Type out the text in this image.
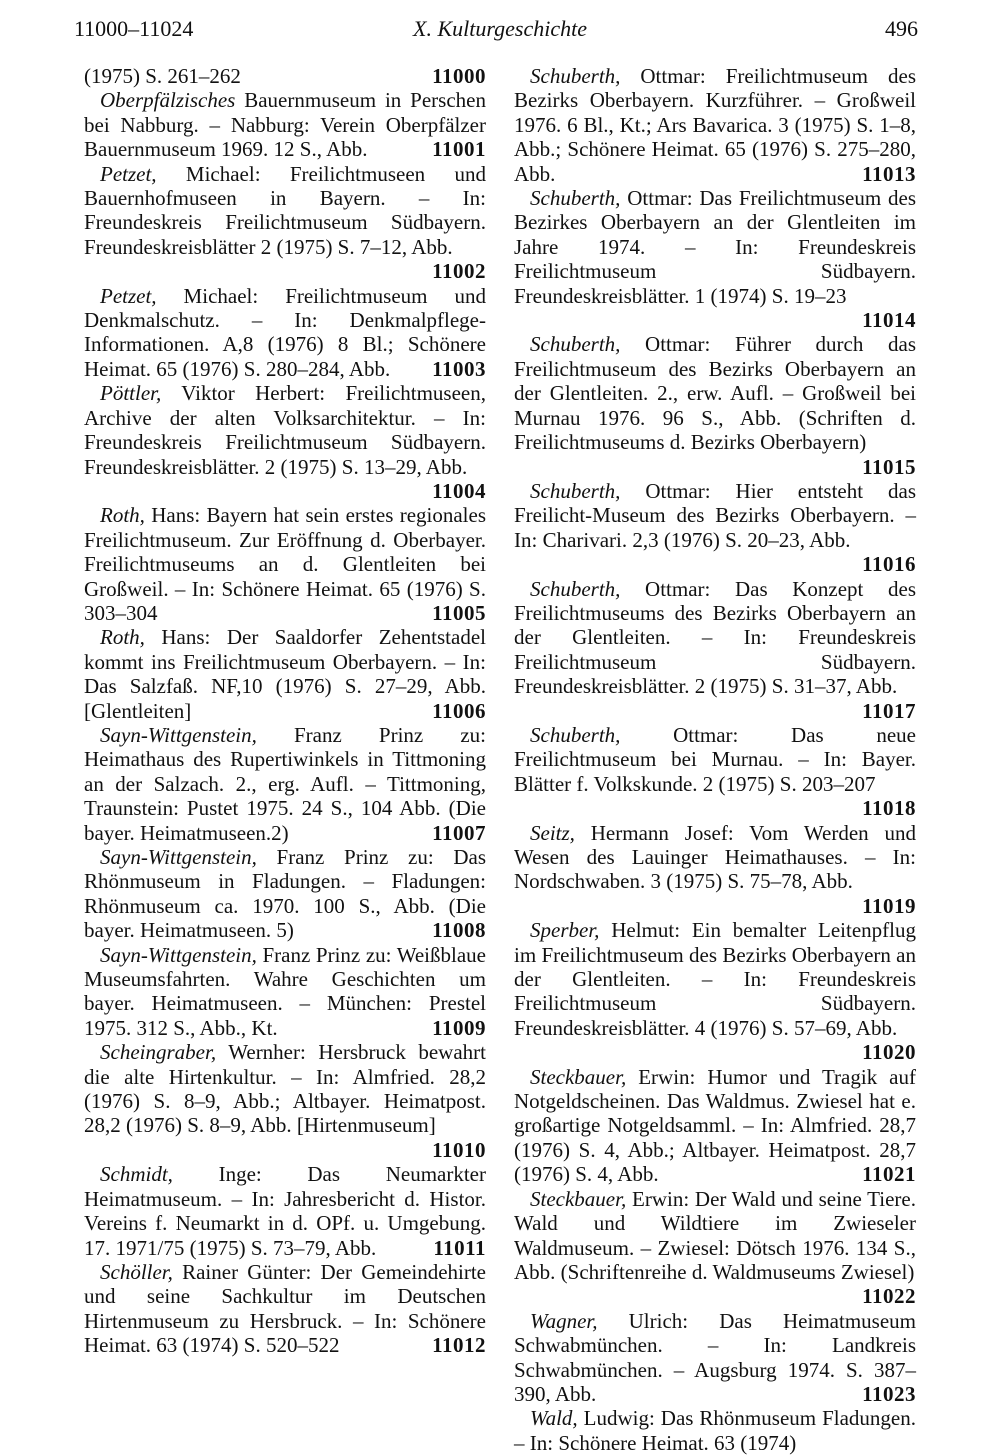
X. Kulturgeschichte
11000–11024	496

(1975) S. 261–262	11000

Oberpfälzisches Bauernmuseum in Perschen bei Nabburg. – Nabburg: Verein Oberpfälzer Bauernmuseum 1969. 12 S., Abb.	11001

Petzet, Michael: Freilichtmuseen und Bauernhofmuseen in Bayern. – In: Freundeskreis Freilichtmuseum Südbayern. Freundeskreisblätter 2 (1975) S. 7–12, Abb.
11002

Petzet, Michael: Freilichtmuseum und Denkmalschutz. – In: Denkmalpflege-Informationen. A,8 (1976) 8 Bl.; Schönere Heimat. 65 (1976) S. 280–284, Abb.	11003

Pöttler, Viktor Herbert: Freilichtmuseen, Archive der alten Volksarchitektur. – In: Freundeskreis Freilichtmuseum Südbayern. Freundeskreisblätter. 2 (1975) S. 13–29, Abb.
11004

Roth, Hans: Bayern hat sein erstes regionales Freilichtmuseum. Zur Eröffnung d. Oberbayer. Freilichtmuseums an d. Glentleiten bei Großweil. – In: Schönere Heimat. 65 (1976) S. 303–304	11005

Roth, Hans: Der Saaldorfer Zehentstadel kommt ins Freilichtmuseum Oberbayern. – In: Das Salzfaß. NF,10 (1976) S. 27–29, Abb. [Glentleiten]	11006

Sayn-Wittgenstein, Franz Prinz zu: Heimathaus des Rupertiwinkels in Tittmoning an der Salzach. 2., erg. Aufl. – Tittmoning, Traunstein: Pustet 1975. 24 S., 104 Abb. (Die bayer. Heimatmuseen.2)	11007

Sayn-Wittgenstein, Franz Prinz zu: Das Rhönmuseum in Fladungen. – Fladungen: Rhönmuseum ca. 1970. 100 S., Abb. (Die bayer. Heimatmuseen. 5)	11008

Sayn-Wittgenstein, Franz Prinz zu: Weißblaue Museumsfahrten. Wahre Geschichten um bayer. Heimatmuseen. – München: Prestel 1975. 312 S., Abb., Kt.	11009

Scheingraber, Wernher: Hersbruck bewahrt die alte Hirtenkultur. – In: Almfried. 28,2 (1976) S. 8–9, Abb.; Altbayer. Heimatpost. 28,2 (1976) S. 8–9, Abb. [Hirtenmuseum]
11010

Schmidt, Inge: Das Neumarkter Heimatmuseum. – In: Jahresbericht d. Histor. Vereins f. Neumarkt in d. OPf. u. Umgebung. 17. 1971/75 (1975) S. 73–79, Abb.	11011

Schöller, Rainer Günter: Der Gemeindehirte und seine Sachkultur im Deutschen Hirtenmuseum zu Hersbruck. – In: Schönere Heimat. 63 (1974) S. 520–522	11012

Schuberth, Ottmar: Freilichtmuseum des Bezirks Oberbayern. Kurzführer. – Großweil 1976. 6 Bl., Kt.; Ars Bavarica. 3 (1975) S. 1–8, Abb.; Schönere Heimat. 65 (1976) S. 275–280, Abb.	11013

Schuberth, Ottmar: Das Freilichtmuseum des Bezirkes Oberbayern an der Glentleiten im Jahre 1974. – In: Freundeskreis Freilichtmuseum Südbayern. Freundeskreisblätter. 1 (1974) S. 19–23
11014

Schuberth, Ottmar: Führer durch das Freilichtmuseum des Bezirks Oberbayern an der Glentleiten. 2., erw. Aufl. – Großweil bei Murnau 1976. 96 S., Abb. (Schriften d. Freilichtmuseums d. Bezirks Oberbayern)
11015

Schuberth, Ottmar: Hier entsteht das Freilicht-Museum des Bezirks Oberbayern. – In: Charivari. 2,3 (1976) S. 20–23, Abb.
11016

Schuberth, Ottmar: Das Konzept des Freilichtmuseums des Bezirks Oberbayern an der Glentleiten. – In: Freundeskreis Freilichtmuseum Südbayern. Freundeskreisblätter. 2 (1975) S. 31–37, Abb.
11017

Schuberth, Ottmar: Das neue Freilichtmuseum bei Murnau. – In: Bayer. Blätter f. Volkskunde. 2 (1975) S. 203–207
11018

Seitz, Hermann Josef: Vom Werden und Wesen des Lauinger Heimathauses. – In: Nordschwaben. 3 (1975) S. 75–78, Abb.
11019

Sperber, Helmut: Ein bemalter Leitenpflug im Freilichtmuseum des Bezirks Oberbayern an der Glentleiten. – In: Freundeskreis Freilichtmuseum Südbayern. Freundeskreisblätter. 4 (1976) S. 57–69, Abb.
11020

Steckbauer, Erwin: Humor und Tragik auf Notgeldscheinen. Das Waldmus. Zwiesel hat e. großartige Notgeldsamml. – In: Almfried. 28,7 (1976) S. 4, Abb.; Altbayer. Heimatpost. 28,7 (1976) S. 4, Abb.	11021

Steckbauer, Erwin: Der Wald und seine Tiere. Wald und Wildtiere im Zwieseler Waldmuseum. – Zwiesel: Dötsch 1976. 134 S., Abb. (Schriftenreihe d. Waldmuseums Zwiesel)
11022

Wagner, Ulrich: Das Heimatmuseum Schwabmünchen. – In: Landkreis Schwabmünchen. – Augsburg 1974. S. 387–390, Abb.	11023

Wald, Ludwig: Das Rhönmuseum Fladungen. – In: Schönere Heimat. 63 (1974)
